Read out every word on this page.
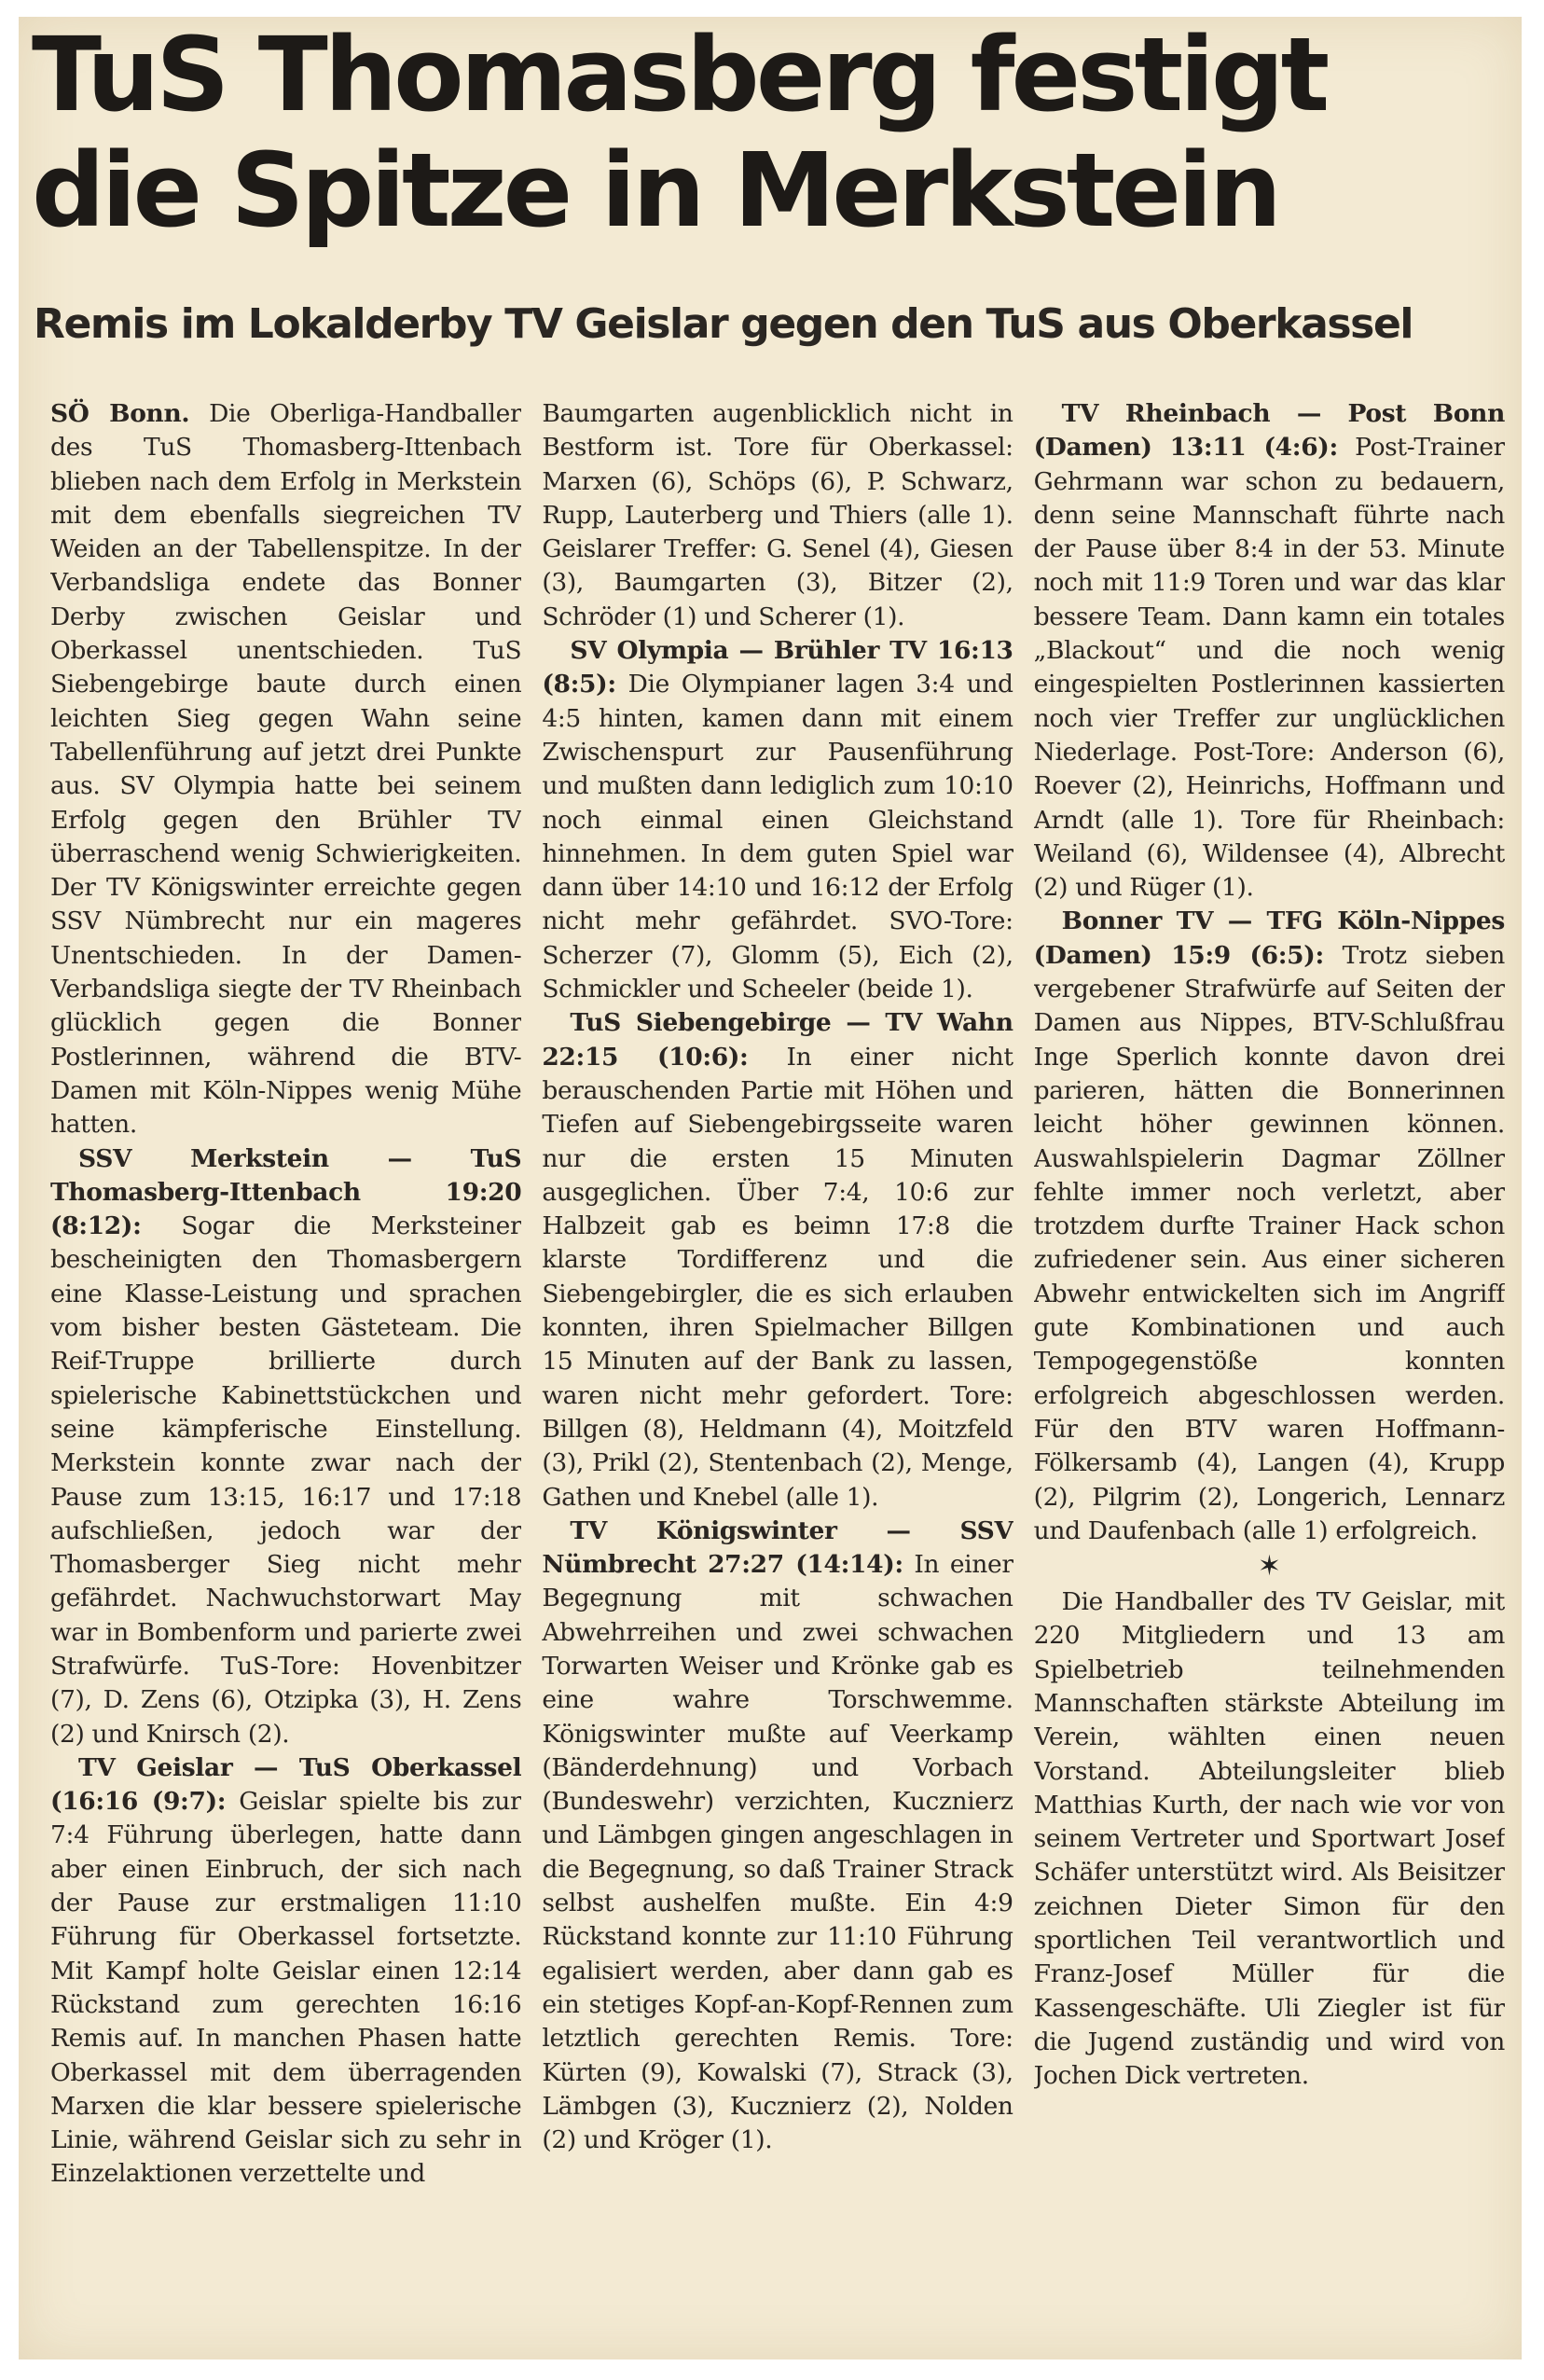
TuS Thomasberg festigt die Spitze in Merkstein
Remis im Lokalderby TV Geislar gegen den TuS aus Oberkassel

SÖ Bonn. Die Oberliga-Handballer des TuS Thomasberg-Ittenbach blieben nach dem Erfolg in Merkstein mit dem ebenfalls siegreichen TV Weiden an der Tabellenspitze. In der Verbandsliga endete das Bonner Derby zwischen Geislar und Oberkassel unentschieden. TuS Siebengebirge baute durch einen leichten Sieg gegen Wahn seine Tabellenführung auf jetzt drei Punkte aus. SV Olympia hatte bei seinem Erfolg gegen den Brühler TV überraschend wenig Schwierigkeiten. Der TV Königswinter erreichte gegen SSV Nümbrecht nur ein mageres Unentschieden. In der Damen-Verbandsliga siegte der TV Rheinbach glücklich gegen die Bonner Postlerinnen, während die BTV-Damen mit Köln-Nippes wenig Mühe hatten.

SSV Merkstein — TuS Thomasberg-Ittenbach 19:20 (8:12): Sogar die Merksteiner bescheinigten den Thomasbergern eine Klasse-Leistung und sprachen vom bisher besten Gästeteam. Die Reif-Truppe brillierte durch spielerische Kabinettstückchen und seine kämpferische Einstellung. Merkstein konnte zwar nach der Pause zum 13:15, 16:17 und 17:18 aufschließen, jedoch war der Thomasberger Sieg nicht mehr gefährdet. Nachwuchstorwart May war in Bombenform und parierte zwei Strafwürfe. TuS-Tore: Hovenbitzer (7), D. Zens (6), Otzipka (3), H. Zens (2) und Knirsch (2).

TV Geislar — TuS Oberkassel (16:16 (9:7): Geislar spielte bis zur 7:4 Führung überlegen, hatte dann aber einen Einbruch, der sich nach der Pause zur erstmaligen 11:10 Führung für Oberkassel fortsetzte. Mit Kampf holte Geislar einen 12:14 Rückstand zum gerechten 16:16 Remis auf. In manchen Phasen hatte Oberkassel mit dem überragenden Marxen die klar bessere spielerische Linie, während Geislar sich zu sehr in Einzelaktionen verzettelte und

Baumgarten augenblicklich nicht in Bestform ist. Tore für Oberkassel: Marxen (6), Schöps (6), P. Schwarz, Rupp, Lauterberg und Thiers (alle 1). Geislarer Treffer: G. Senel (4), Giesen (3), Baumgarten (3), Bitzer (2), Schröder (1) und Scherer (1).

SV Olympia — Brühler TV 16:13 (8:5): Die Olympianer lagen 3:4 und 4:5 hinten, kamen dann mit einem Zwischenspurt zur Pausenführung und mußten dann lediglich zum 10:10 noch einmal einen Gleichstand hinnehmen. In dem guten Spiel war dann über 14:10 und 16:12 der Erfolg nicht mehr gefährdet. SVO-Tore: Scherzer (7), Glomm (5), Eich (2), Schmickler und Scheeler (beide 1).

TuS Siebengebirge — TV Wahn 22:15 (10:6): In einer nicht berauschenden Partie mit Höhen und Tiefen auf Siebengebirgsseite waren nur die ersten 15 Minuten ausgeglichen. Über 7:4, 10:6 zur Halbzeit gab es beimn 17:8 die klarste Tordifferenz und die Siebengebirgler, die es sich erlauben konnten, ihren Spielmacher Billgen 15 Minuten auf der Bank zu lassen, waren nicht mehr gefordert. Tore: Billgen (8), Heldmann (4), Moitzfeld (3), Prikl (2), Stentenbach (2), Menge, Gathen und Knebel (alle 1).

TV Königswinter — SSV Nümbrecht 27:27 (14:14): In einer Begegnung mit schwachen Abwehrreihen und zwei schwachen Torwarten Weiser und Krönke gab es eine wahre Torschwemme. Königswinter mußte auf Veerkamp (Bänderdehnung) und Vorbach (Bundeswehr) verzichten, Kucznierz und Lämbgen gingen angeschlagen in die Begegnung, so daß Trainer Strack selbst aushelfen mußte. Ein 4:9 Rückstand konnte zur 11:10 Führung egalisiert werden, aber dann gab es ein stetiges Kopf-an-Kopf-Rennen zum letztlich gerechten Remis. Tore: Kürten (9), Kowalski (7), Strack (3), Lämbgen (3), Kucznierz (2), Nolden (2) und Kröger (1).

TV Rheinbach — Post Bonn (Damen) 13:11 (4:6): Post-Trainer Gehrmann war schon zu bedauern, denn seine Mannschaft führte nach der Pause über 8:4 in der 53. Minute noch mit 11:9 Toren und war das klar bessere Team. Dann kamn ein totales „Blackout“ und die noch wenig eingespielten Postlerinnen kassierten noch vier Treffer zur unglücklichen Niederlage. Post-Tore: Anderson (6), Roever (2), Heinrichs, Hoffmann und Arndt (alle 1). Tore für Rheinbach: Weiland (6), Wildensee (4), Albrecht (2) und Rüger (1).

Bonner TV — TFG Köln-Nippes (Damen) 15:9 (6:5): Trotz sieben vergebener Strafwürfe auf Seiten der Damen aus Nippes, BTV-Schlußfrau Inge Sperlich konnte davon drei parieren, hätten die Bonnerinnen leicht höher gewinnen können. Auswahlspielerin Dagmar Zöllner fehlte immer noch verletzt, aber trotzdem durfte Trainer Hack schon zufriedener sein. Aus einer sicheren Abwehr entwickelten sich im Angriff gute Kombinationen und auch Tempogegenstöße konnten erfolgreich abgeschlossen werden. Für den BTV waren Hoffmann-Fölkersamb (4), Langen (4), Krupp (2), Pilgrim (2), Longerich, Lennarz und Daufenbach (alle 1) erfolgreich.

✶

Die Handballer des TV Geislar, mit 220 Mitgliedern und 13 am Spielbetrieb teilnehmenden Mannschaften stärkste Abteilung im Verein, wählten einen neuen Vorstand. Abteilungsleiter blieb Matthias Kurth, der nach wie vor von seinem Vertreter und Sportwart Josef Schäfer unterstützt wird. Als Beisitzer zeichnen Dieter Simon für den sportlichen Teil verantwortlich und Franz-Josef Müller für die Kassengeschäfte. Uli Ziegler ist für die Jugend zuständig und wird von Jochen Dick vertreten.
